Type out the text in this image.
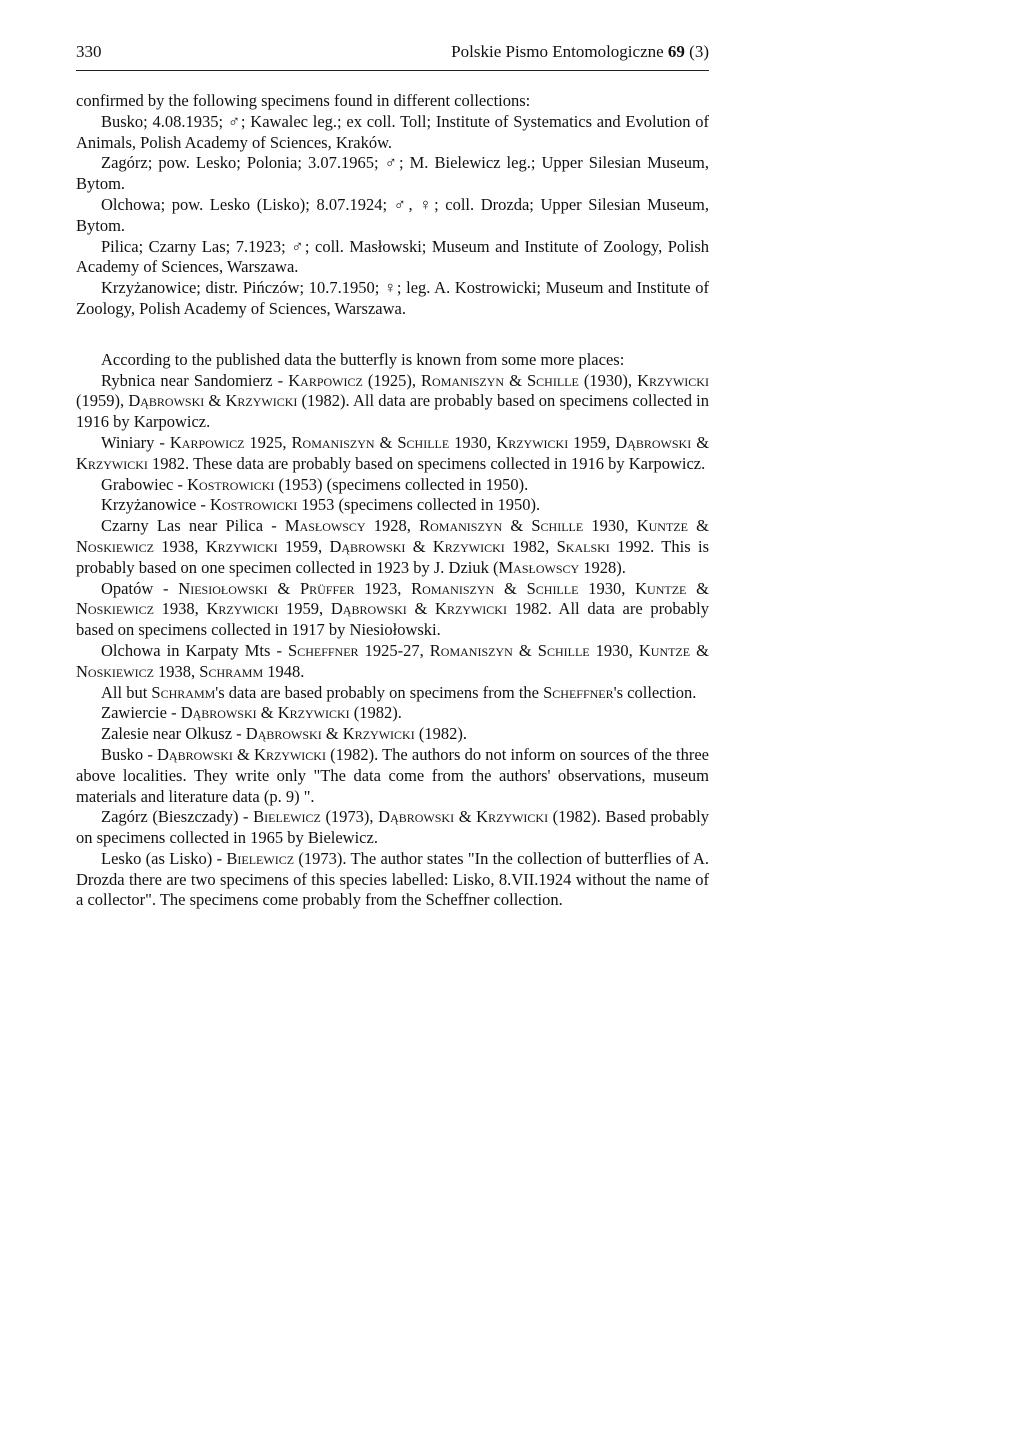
330	Polskie Pismo Entomologiczne 69 (3)

confirmed by the following specimens found in different collections:

Busko; 4.08.1935; ♂; Kawalec leg.; ex coll. Toll; Institute of Systematics and Evolution of Animals, Polish Academy of Sciences, Kraków.

Zagórz; pow. Lesko; Polonia; 3.07.1965; ♂; M. Bielewicz leg.; Upper Silesian Museum, Bytom.

Olchowa; pow. Lesko (Lisko); 8.07.1924; ♂, ♀; coll. Drozda; Upper Silesian Museum, Bytom.

Pilica; Czarny Las; 7.1923; ♂; coll. Masłowski; Museum and Institute of Zoology, Polish Academy of Sciences, Warszawa.

Krzyżanowice; distr. Pińczów; 10.7.1950; ♀; leg. A. Kostrowicki; Museum and Institute of Zoology, Polish Academy of Sciences, Warszawa.

According to the published data the butterfly is known from some more places:

Rybnica near Sandomierz - Karpowicz (1925), Romaniszyn & Schille (1930), Krzywicki (1959), Dąbrowski & Krzywicki (1982). All data are probably based on specimens collected in 1916 by Karpowicz.

Winiary - Karpowicz 1925, Romaniszyn & Schille 1930, Krzywicki 1959, Dąbrowski & Krzywicki 1982. These data are probably based on specimens collected in 1916 by Karpowicz.

Grabowiec - Kostrowicki (1953) (specimens collected in 1950).

Krzyżanowice - Kostrowicki 1953 (specimens collected in 1950).

Czarny Las near Pilica - Masłowscy 1928, Romaniszyn & Schille 1930, Kuntze & Noskiewicz 1938, Krzywicki 1959, Dąbrowski & Krzywicki 1982, Skalski 1992. This is probably based on one specimen collected in 1923 by J. Dziuk (Masłowscy 1928).

Opatów - Niesiołowski & Prüffer 1923, Romaniszyn & Schille 1930, Kuntze & Noskiewicz 1938, Krzywicki 1959, Dąbrowski & Krzywicki 1982. All data are probably based on specimens collected in 1917 by Niesiołowski.

Olchowa in Karpaty Mts - Scheffner 1925-27, Romaniszyn & Schille 1930, Kuntze & Noskiewicz 1938, Schramm 1948.

All but Schramm's data are based probably on specimens from the Scheffner's collection.

Zawiercie - Dąbrowski & Krzywicki (1982).

Zalesie near Olkusz - Dąbrowski & Krzywicki (1982).

Busko - Dąbrowski & Krzywicki (1982). The authors do not inform on sources of the three above localities. They write only "The data come from the authors' observations, museum materials and literature data (p. 9) ".

Zagórz (Bieszczady) - Bielewicz (1973), Dąbrowski & Krzywicki (1982). Based probably on specimens collected in 1965 by Bielewicz.

Lesko (as Lisko) - Bielewicz (1973). The author states "In the collection of butterflies of A. Drozda there are two specimens of this species labelled: Lisko, 8.VII.1924 without the name of a collector". The specimens come probably from the Scheffner collection.
